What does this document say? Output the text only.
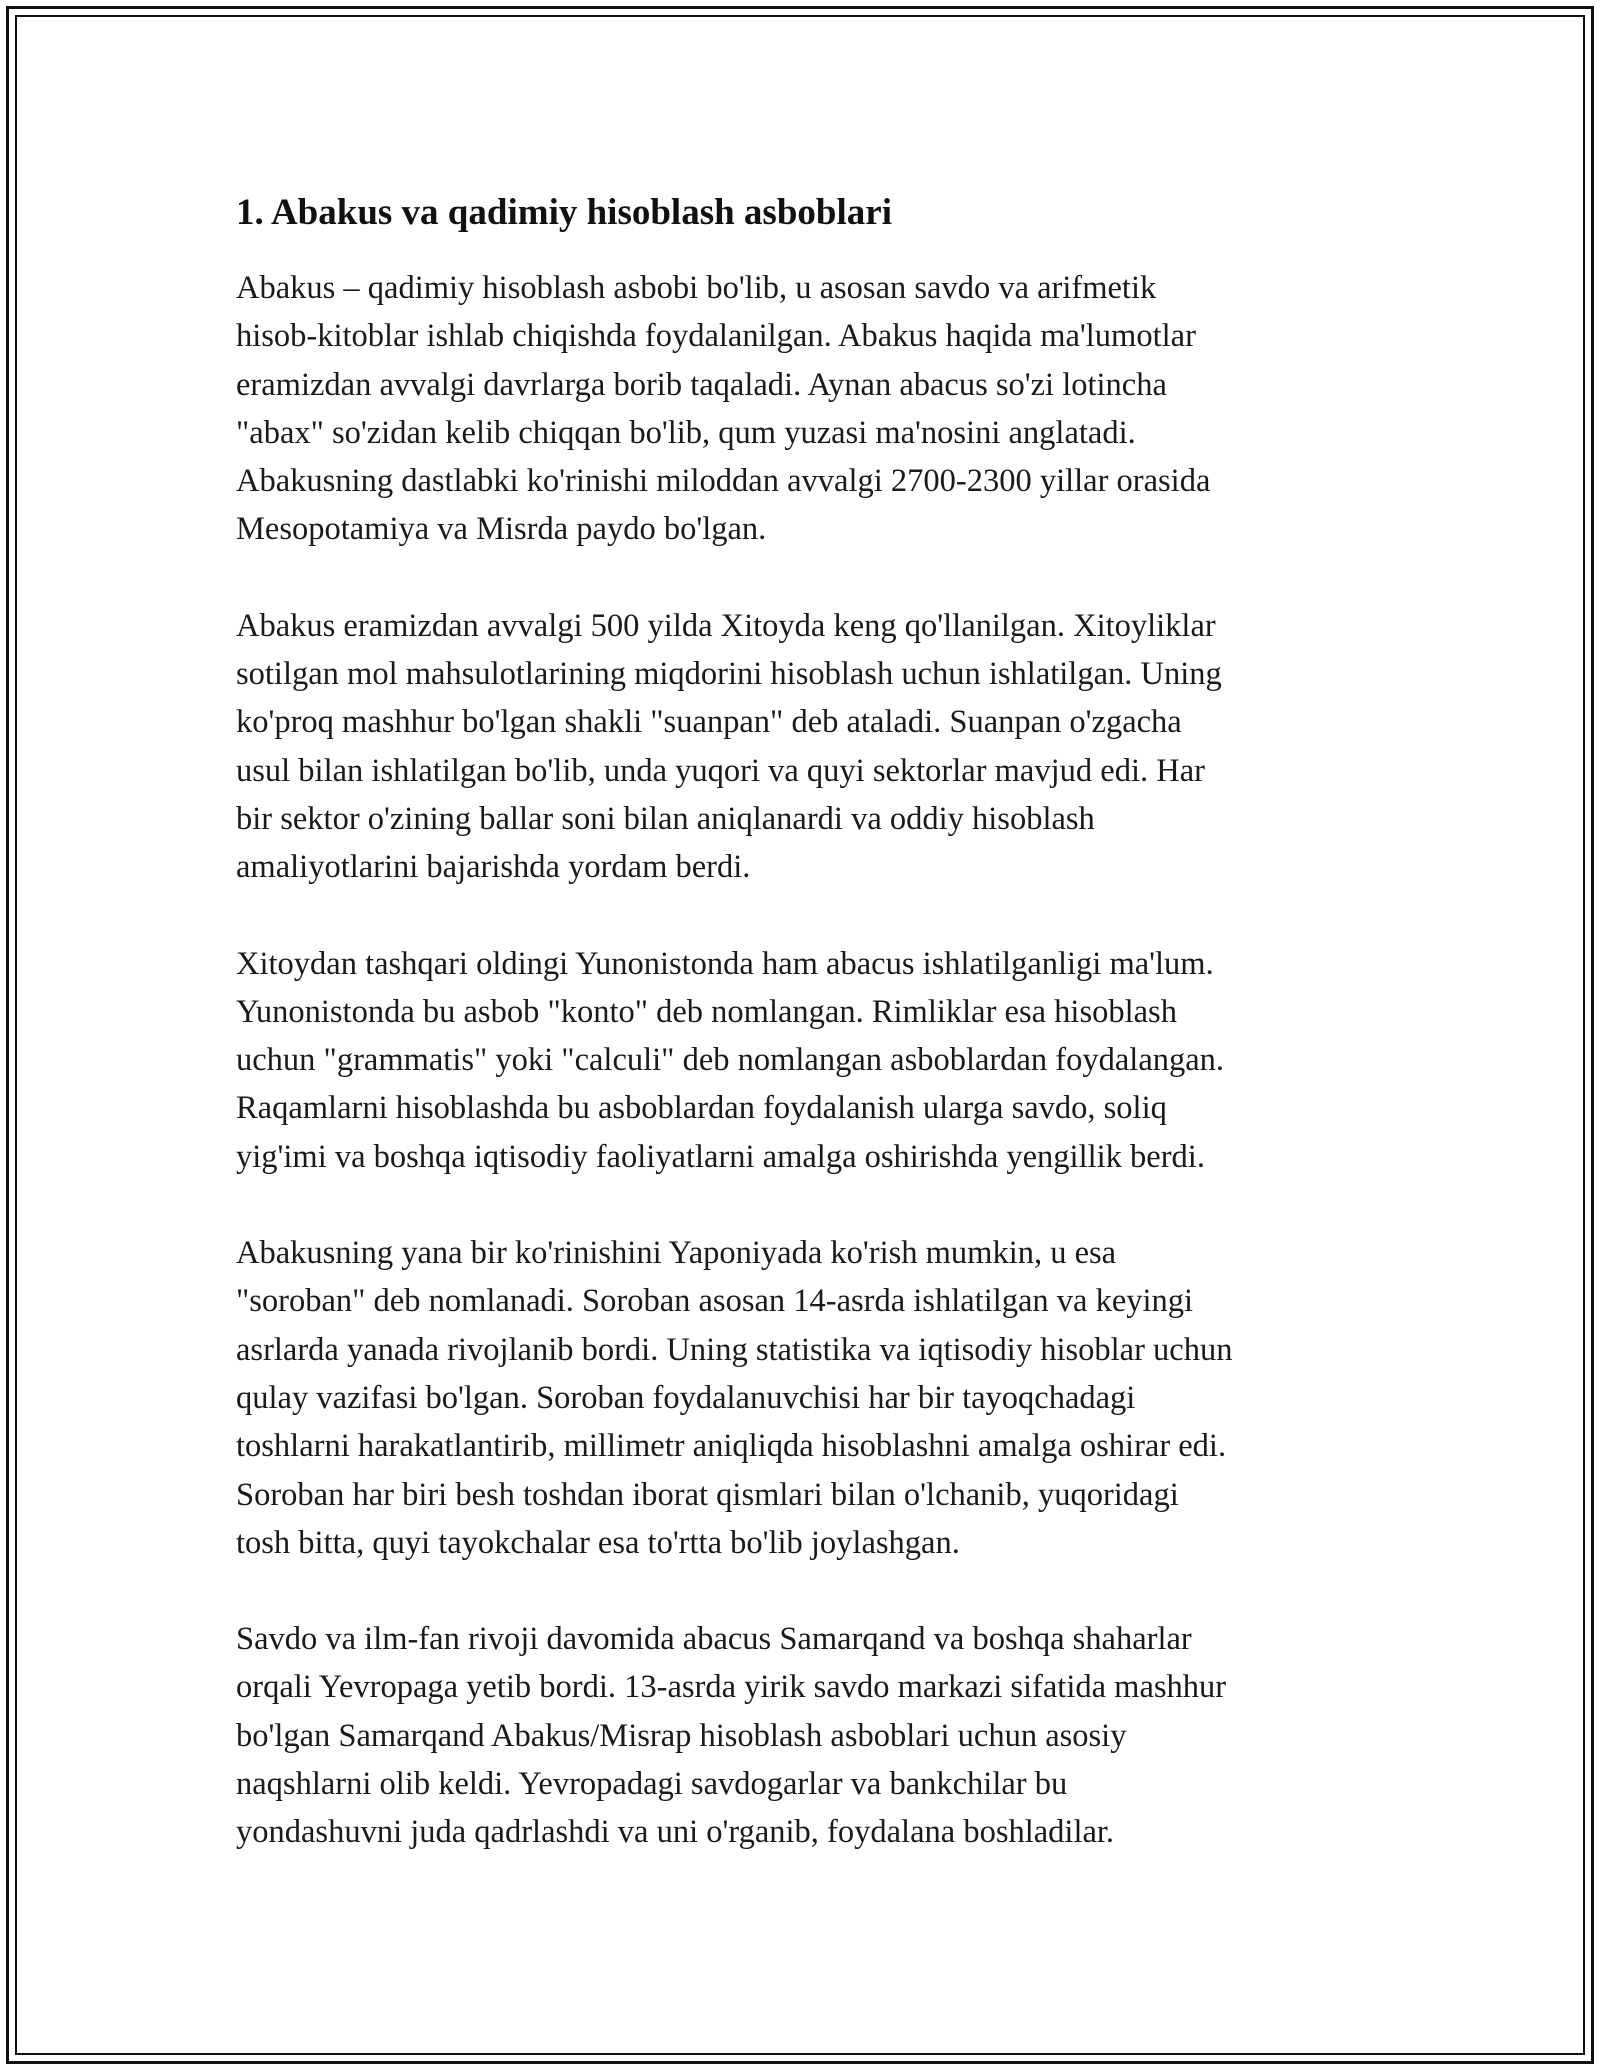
1. Abakus va qadimiy hisoblash asboblari

Abakus – qadimiy hisoblash asbobi bo'lib, u asosan savdo va arifmetik
hisob-kitoblar ishlab chiqishda foydalanilgan. Abakus haqida ma'lumotlar
eramizdan avvalgi davrlarga borib taqaladi. Aynan abacus so'zi lotincha
"abax" so'zidan kelib chiqqan bo'lib, qum yuzasi ma'nosini anglatadi.
Abakusning dastlabki ko'rinishi miloddan avvalgi 2700-2300 yillar orasida
Mesopotamiya va Misrda paydo bo'lgan.

Abakus eramizdan avvalgi 500 yilda Xitoyda keng qo'llanilgan. Xitoyliklar
sotilgan mol mahsulotlarining miqdorini hisoblash uchun ishlatilgan. Uning
ko'proq mashhur bo'lgan shakli "suanpan" deb ataladi. Suanpan o'zgacha
usul bilan ishlatilgan bo'lib, unda yuqori va quyi sektorlar mavjud edi. Har
bir sektor o'zining ballar soni bilan aniqlanardi va oddiy hisoblash
amaliyotlarini bajarishda yordam berdi.

Xitoydan tashqari oldingi Yunonistonda ham abacus ishlatilganligi ma'lum.
Yunonistonda bu asbob "konto" deb nomlangan. Rimliklar esa hisoblash
uchun "grammatis" yoki "calculi" deb nomlangan asboblardan foydalangan.
Raqamlarni hisoblashda bu asboblardan foydalanish ularga savdo, soliq
yig'imi va boshqa iqtisodiy faoliyatlarni amalga oshirishda yengillik berdi.

Abakusning yana bir ko'rinishini Yaponiyada ko'rish mumkin, u esa
"soroban" deb nomlanadi. Soroban asosan 14-asrda ishlatilgan va keyingi
asrlarda yanada rivojlanib bordi. Uning statistika va iqtisodiy hisoblar uchun
qulay vazifasi bo'lgan. Soroban foydalanuvchisi har bir tayoqchadagi
toshlarni harakatlantirib, millimetr aniqliqda hisoblashni amalga oshirar edi.
Soroban har biri besh toshdan iborat qismlari bilan o'lchanib, yuqoridagi
tosh bitta, quyi tayokchalar esa to'rtta bo'lib joylashgan.

Savdo va ilm-fan rivoji davomida abacus Samarqand va boshqa shaharlar
orqali Yevropaga yetib bordi. 13-asrda yirik savdo markazi sifatida mashhur
bo'lgan Samarqand Abakus/Misrap hisoblash asboblari uchun asosiy
naqshlarni olib keldi. Yevropadagi savdogarlar va bankchilar bu
yondashuvni juda qadrlashdi va uni o'rganib, foydalana boshladilar.
